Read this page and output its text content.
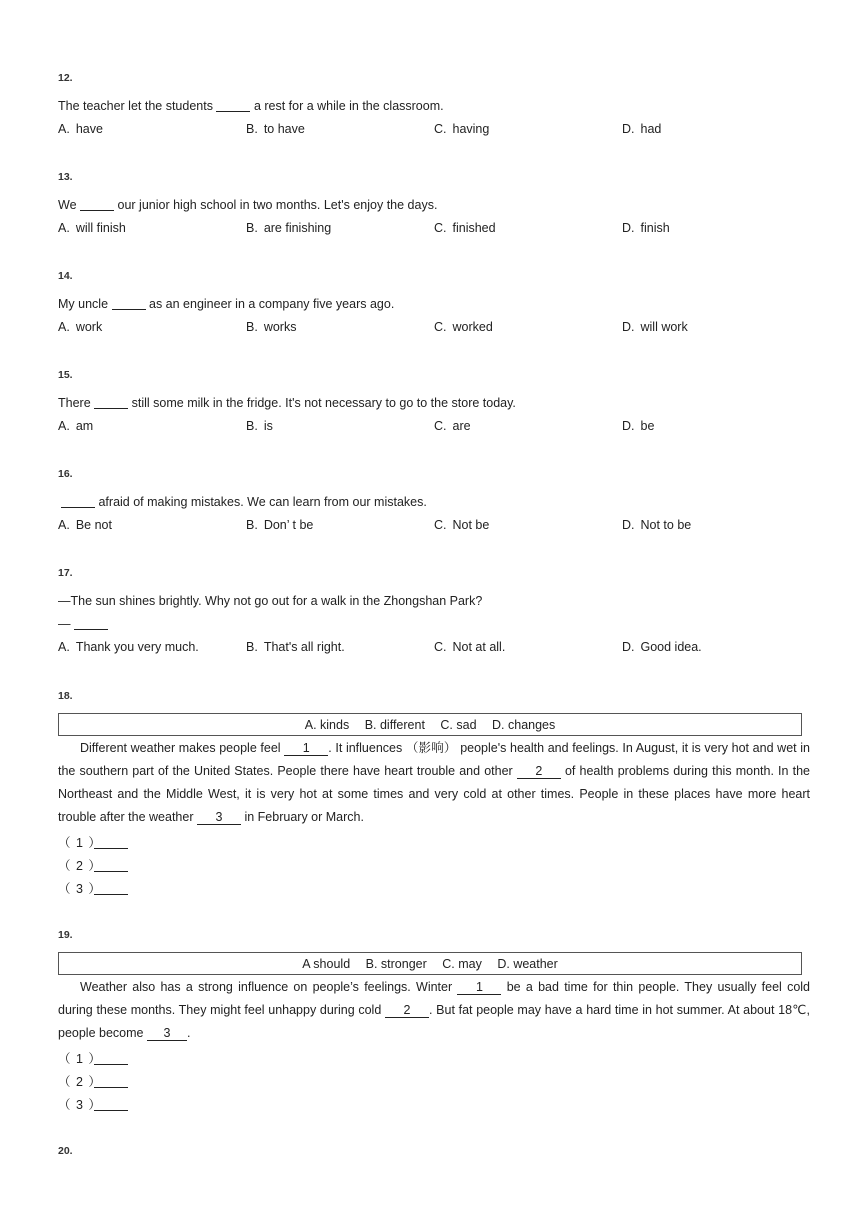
12.
The teacher let the students	a rest for a while in the classroom.
A. have	B. to have	C. having	D. had
13.
We	our junior high school in two months. Let's enjoy the days.
A. will finish	B. are finishing	C. finished	D. finish
14.
My uncle	as an engineer in a company five years ago.
A. work	B. works	C. worked	D. will work
15.
There	still some milk in the fridge. It's not necessary to go to the store today.
A. am	B. is	C. are	D. be
16.
afraid of making mistakes. We can learn from our mistakes.
A. Be not	B. Don’ t be	C. Not be	D. Not to be
17.
—The sun shines brightly. Why not go out for a walk in the Zhongshan Park?
—
A. Thank you very much.	B. That's all right.	C. Not at all.	D. Good idea.
18.
A. kinds B. different C. sad D. changes
Different weather makes people feel 1 . It influences （影响） people's health and feelings. In August, it is very hot and wet in the southern part of the United States. People there have heart trouble and other 2 of health problems during this month. In the Northeast and the Middle West, it is very hot at some times and very cold at other times. People in these places have more heart trouble after the weather 3 in February or March.
（ 1 ）
（ 2 ）
（ 3 ）
19.
A should B. stronger C. may D. weather
Weather also has a strong influence on people’s feelings. Winter 1 be a bad time for thin people. They usually feel cold during these months. They might feel unhappy during cold 2 . But fat people may have a hard time in hot summer. At about 18℃, people become 3 .
（ 1 ）
（ 2 ）
（ 3 ）
20.
